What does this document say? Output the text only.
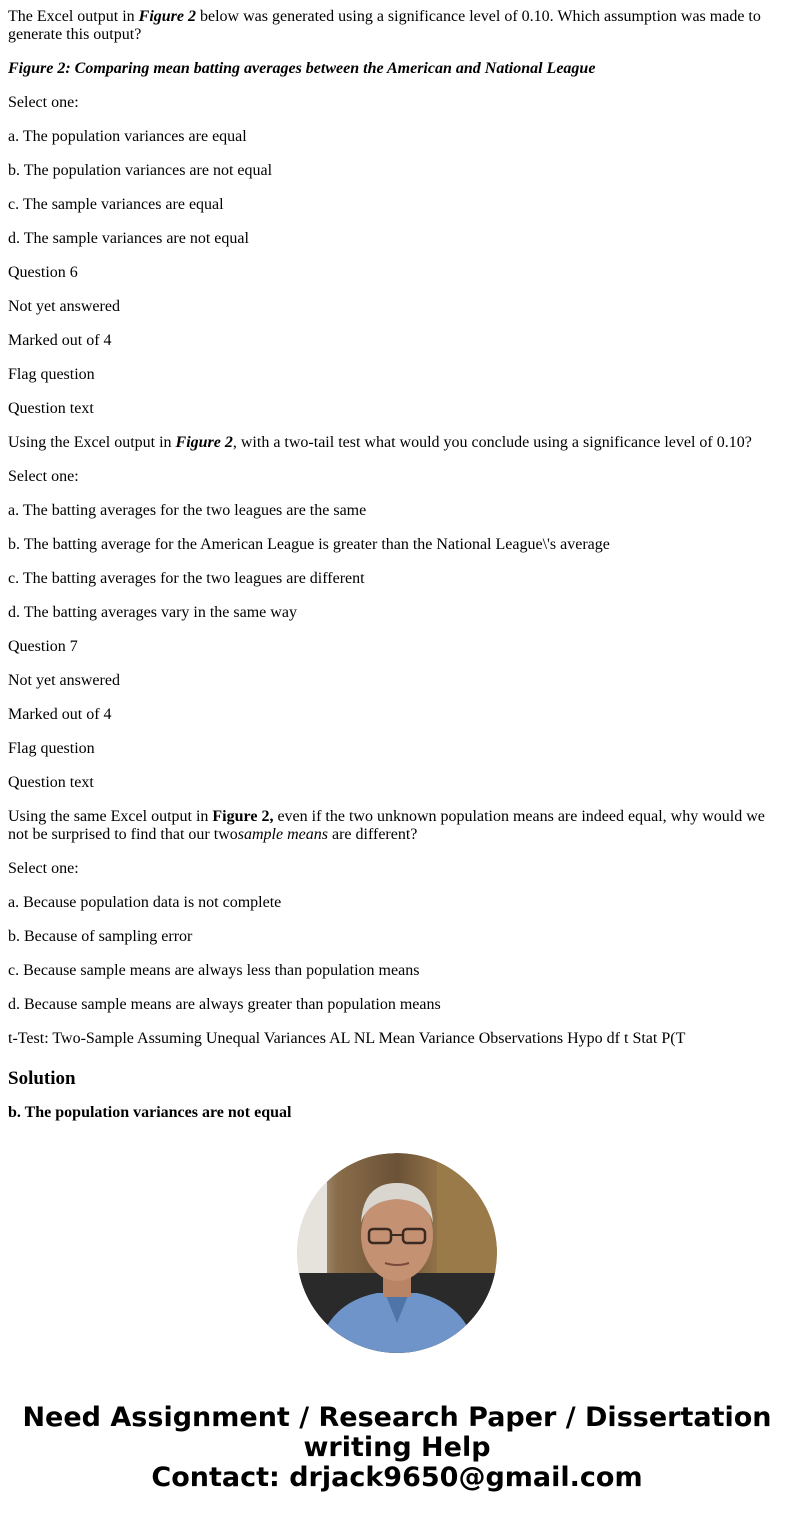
The Excel output in Figure 2 below was generated using a significance level of 0.10. Which assumption was made to generate this output?

Figure 2: Comparing mean batting averages between the American and National League

Select one:

a. The population variances are equal

b. The population variances are not equal

c. The sample variances are equal

d. The sample variances are not equal

Question 6

Not yet answered

Marked out of 4

Flag question

Question text

Using the Excel output in Figure 2, with a two-tail test what would you conclude using a significance level of 0.10?

Select one:

a. The batting averages for the two leagues are the same

b. The batting average for the American League is greater than the National League\'s average

c. The batting averages for the two leagues are different

d. The batting averages vary in the same way

Question 7

Not yet answered

Marked out of 4

Flag question

Question text

Using the same Excel output in Figure 2, even if the two unknown population means are indeed equal, why would we not be surprised to find that our twosample means are different?

Select one:

a. Because population data is not complete

b. Because of sampling error

c. Because sample means are always less than population means

d. Because sample means are always greater than population means

t-Test: Two-Sample Assuming Unequal Variances AL NL Mean Variance Observations Hypo df t Stat P(T

Solution
b. The population variances are not equal
Need Assignment / Research Paper / Dissertation
writing Help
Contact: drjack9650@gmail.com
